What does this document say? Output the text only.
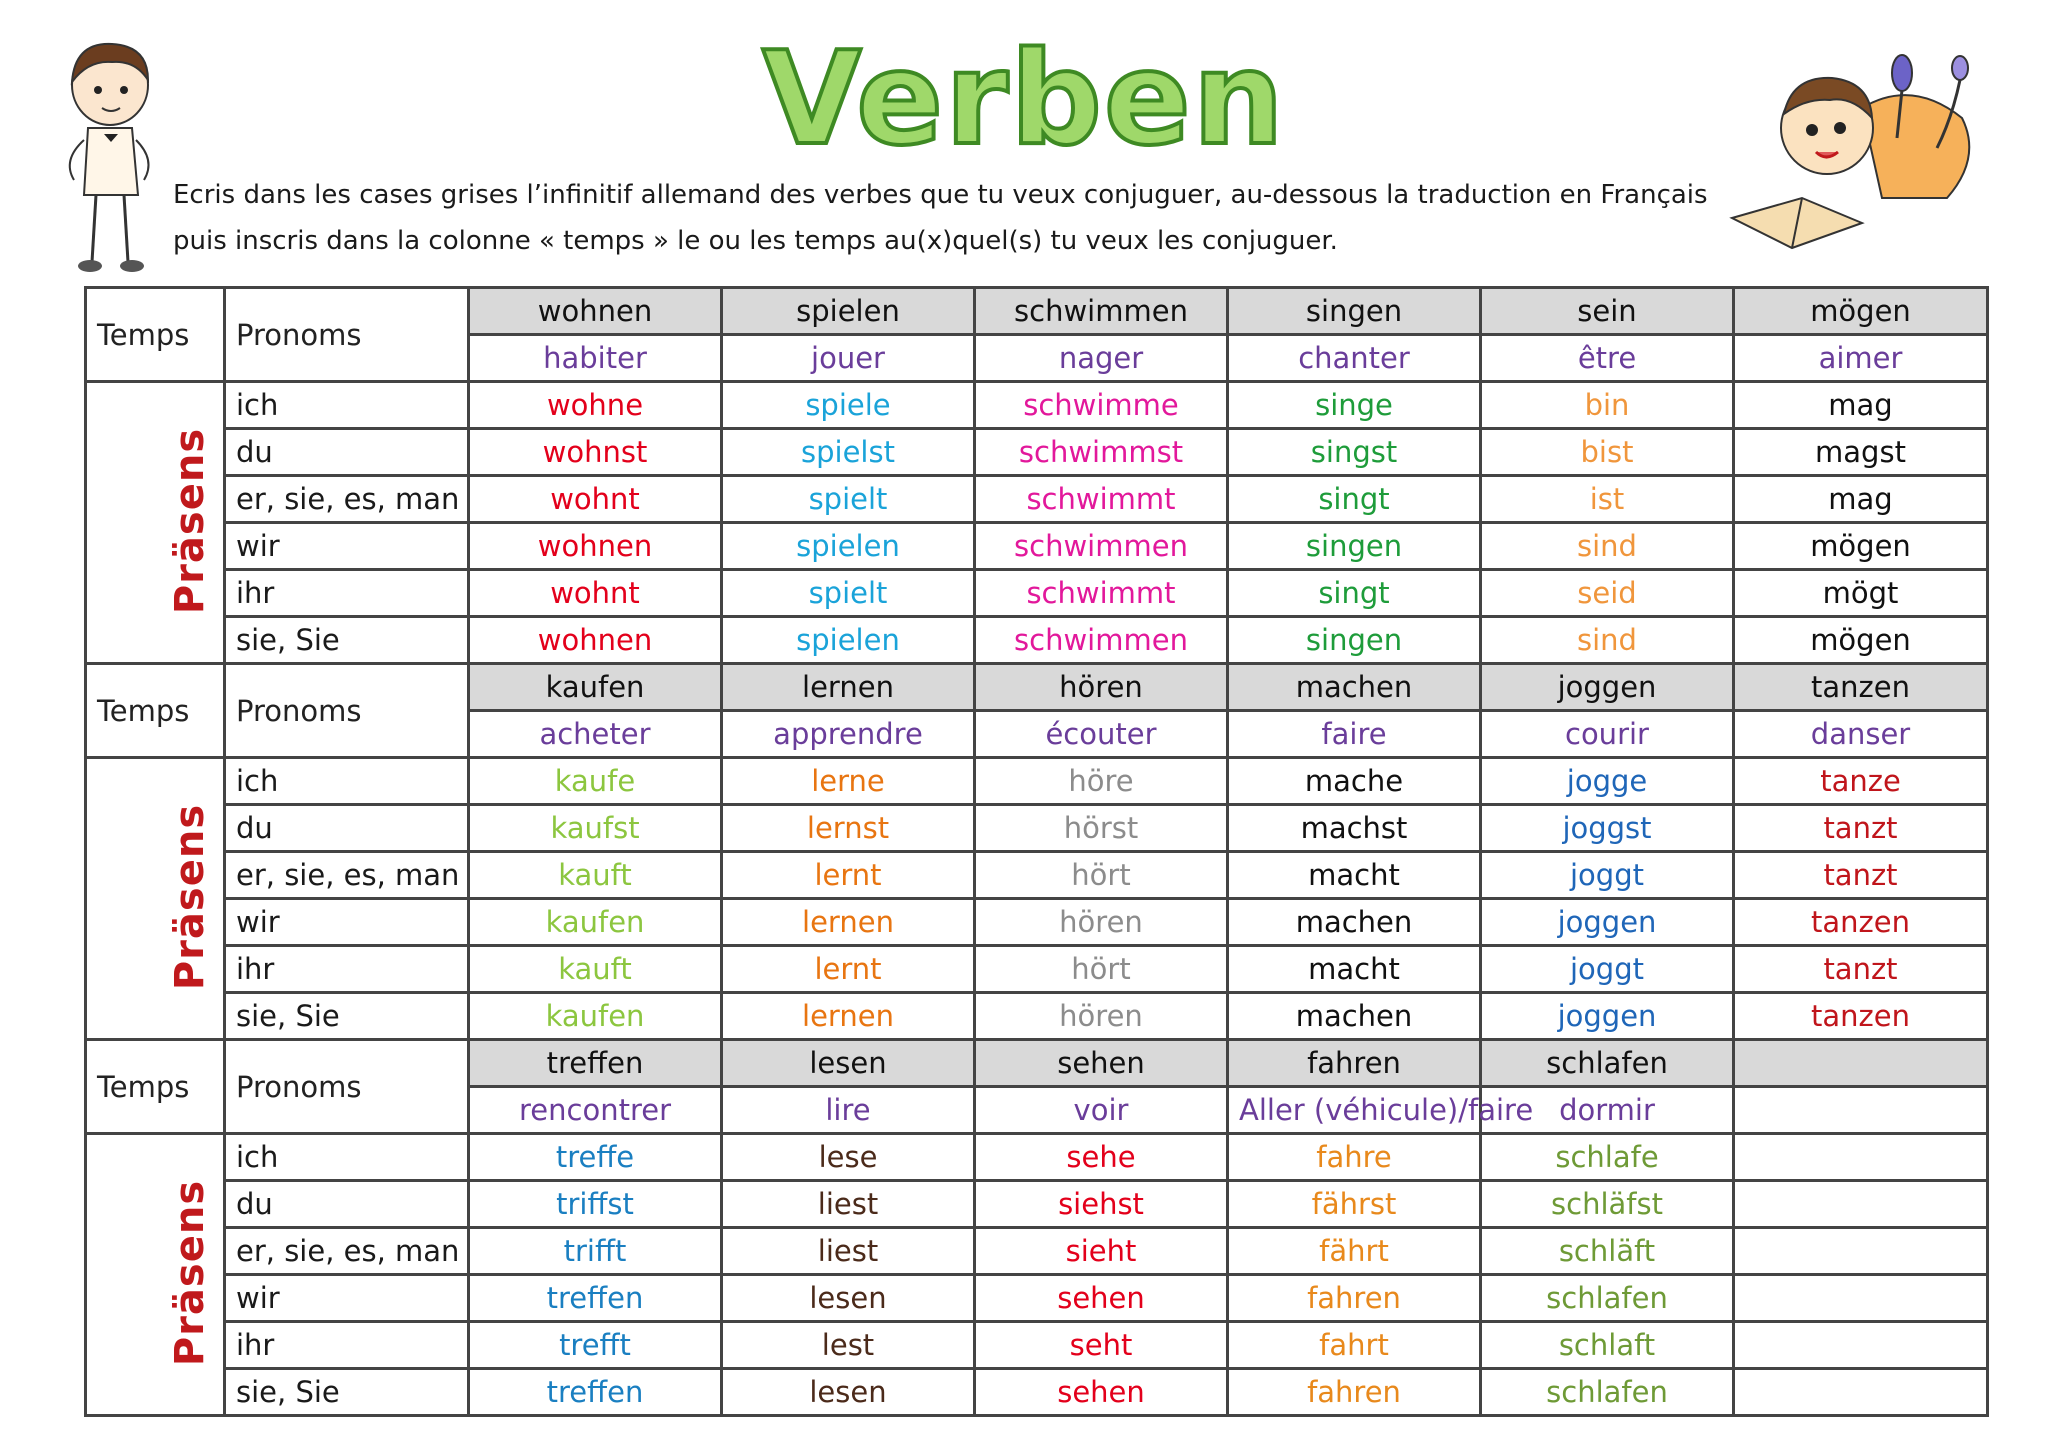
Verben
Ecris dans les cases grises l’infinitif allemand des verbes que tu veux conjuguer, au-dessous la traduction en Français puis inscris dans la colonne « temps » le ou les temps au(x)quel(s) tu veux les conjuguer.
Temps	Pronoms	wohnen	spielen	schwimmen	singen	sein	mögen
		habiter	jouer	nager	chanter	être	aimer
Präsens	ich	wohne	spiele	schwimme	singe	bin	mag
	du	wohnst	spielst	schwimmst	singst	bist	magst
	er, sie, es, man	wohnt	spielt	schwimmt	singt	ist	mag
	wir	wohnen	spielen	schwimmen	singen	sind	mögen
	ihr	wohnt	spielt	schwimmt	singt	seid	mögt
	sie, Sie	wohnen	spielen	schwimmen	singen	sind	mögen
Temps	Pronoms	kaufen	lernen	hören	machen	joggen	tanzen
		acheter	apprendre	écouter	faire	courir	danser
Präsens	ich	kaufe	lerne	höre	mache	jogge	tanze
	du	kaufst	lernst	hörst	machst	joggst	tanzt
	er, sie, es, man	kauft	lernt	hört	macht	joggt	tanzt
	wir	kaufen	lernen	hören	machen	joggen	tanzen
	ihr	kauft	lernt	hört	macht	joggt	tanzt
	sie, Sie	kaufen	lernen	hören	machen	joggen	tanzen
Temps	Pronoms	treffen	lesen	sehen	fahren	schlafen	
		rencontrer	lire	voir	Aller (véhicule)/faire	dormir	
Präsens	ich	treffe	lese	sehe	fahre	schlafe	
	du	triffst	liest	siehst	fährst	schläfst	
	er, sie, es, man	trifft	liest	sieht	fährt	schläft	
	wir	treffen	lesen	sehen	fahren	schlafen	
	ihr	trefft	lest	seht	fahrt	schlaft	
	sie, Sie	treffen	lesen	sehen	fahren	schlafen	
